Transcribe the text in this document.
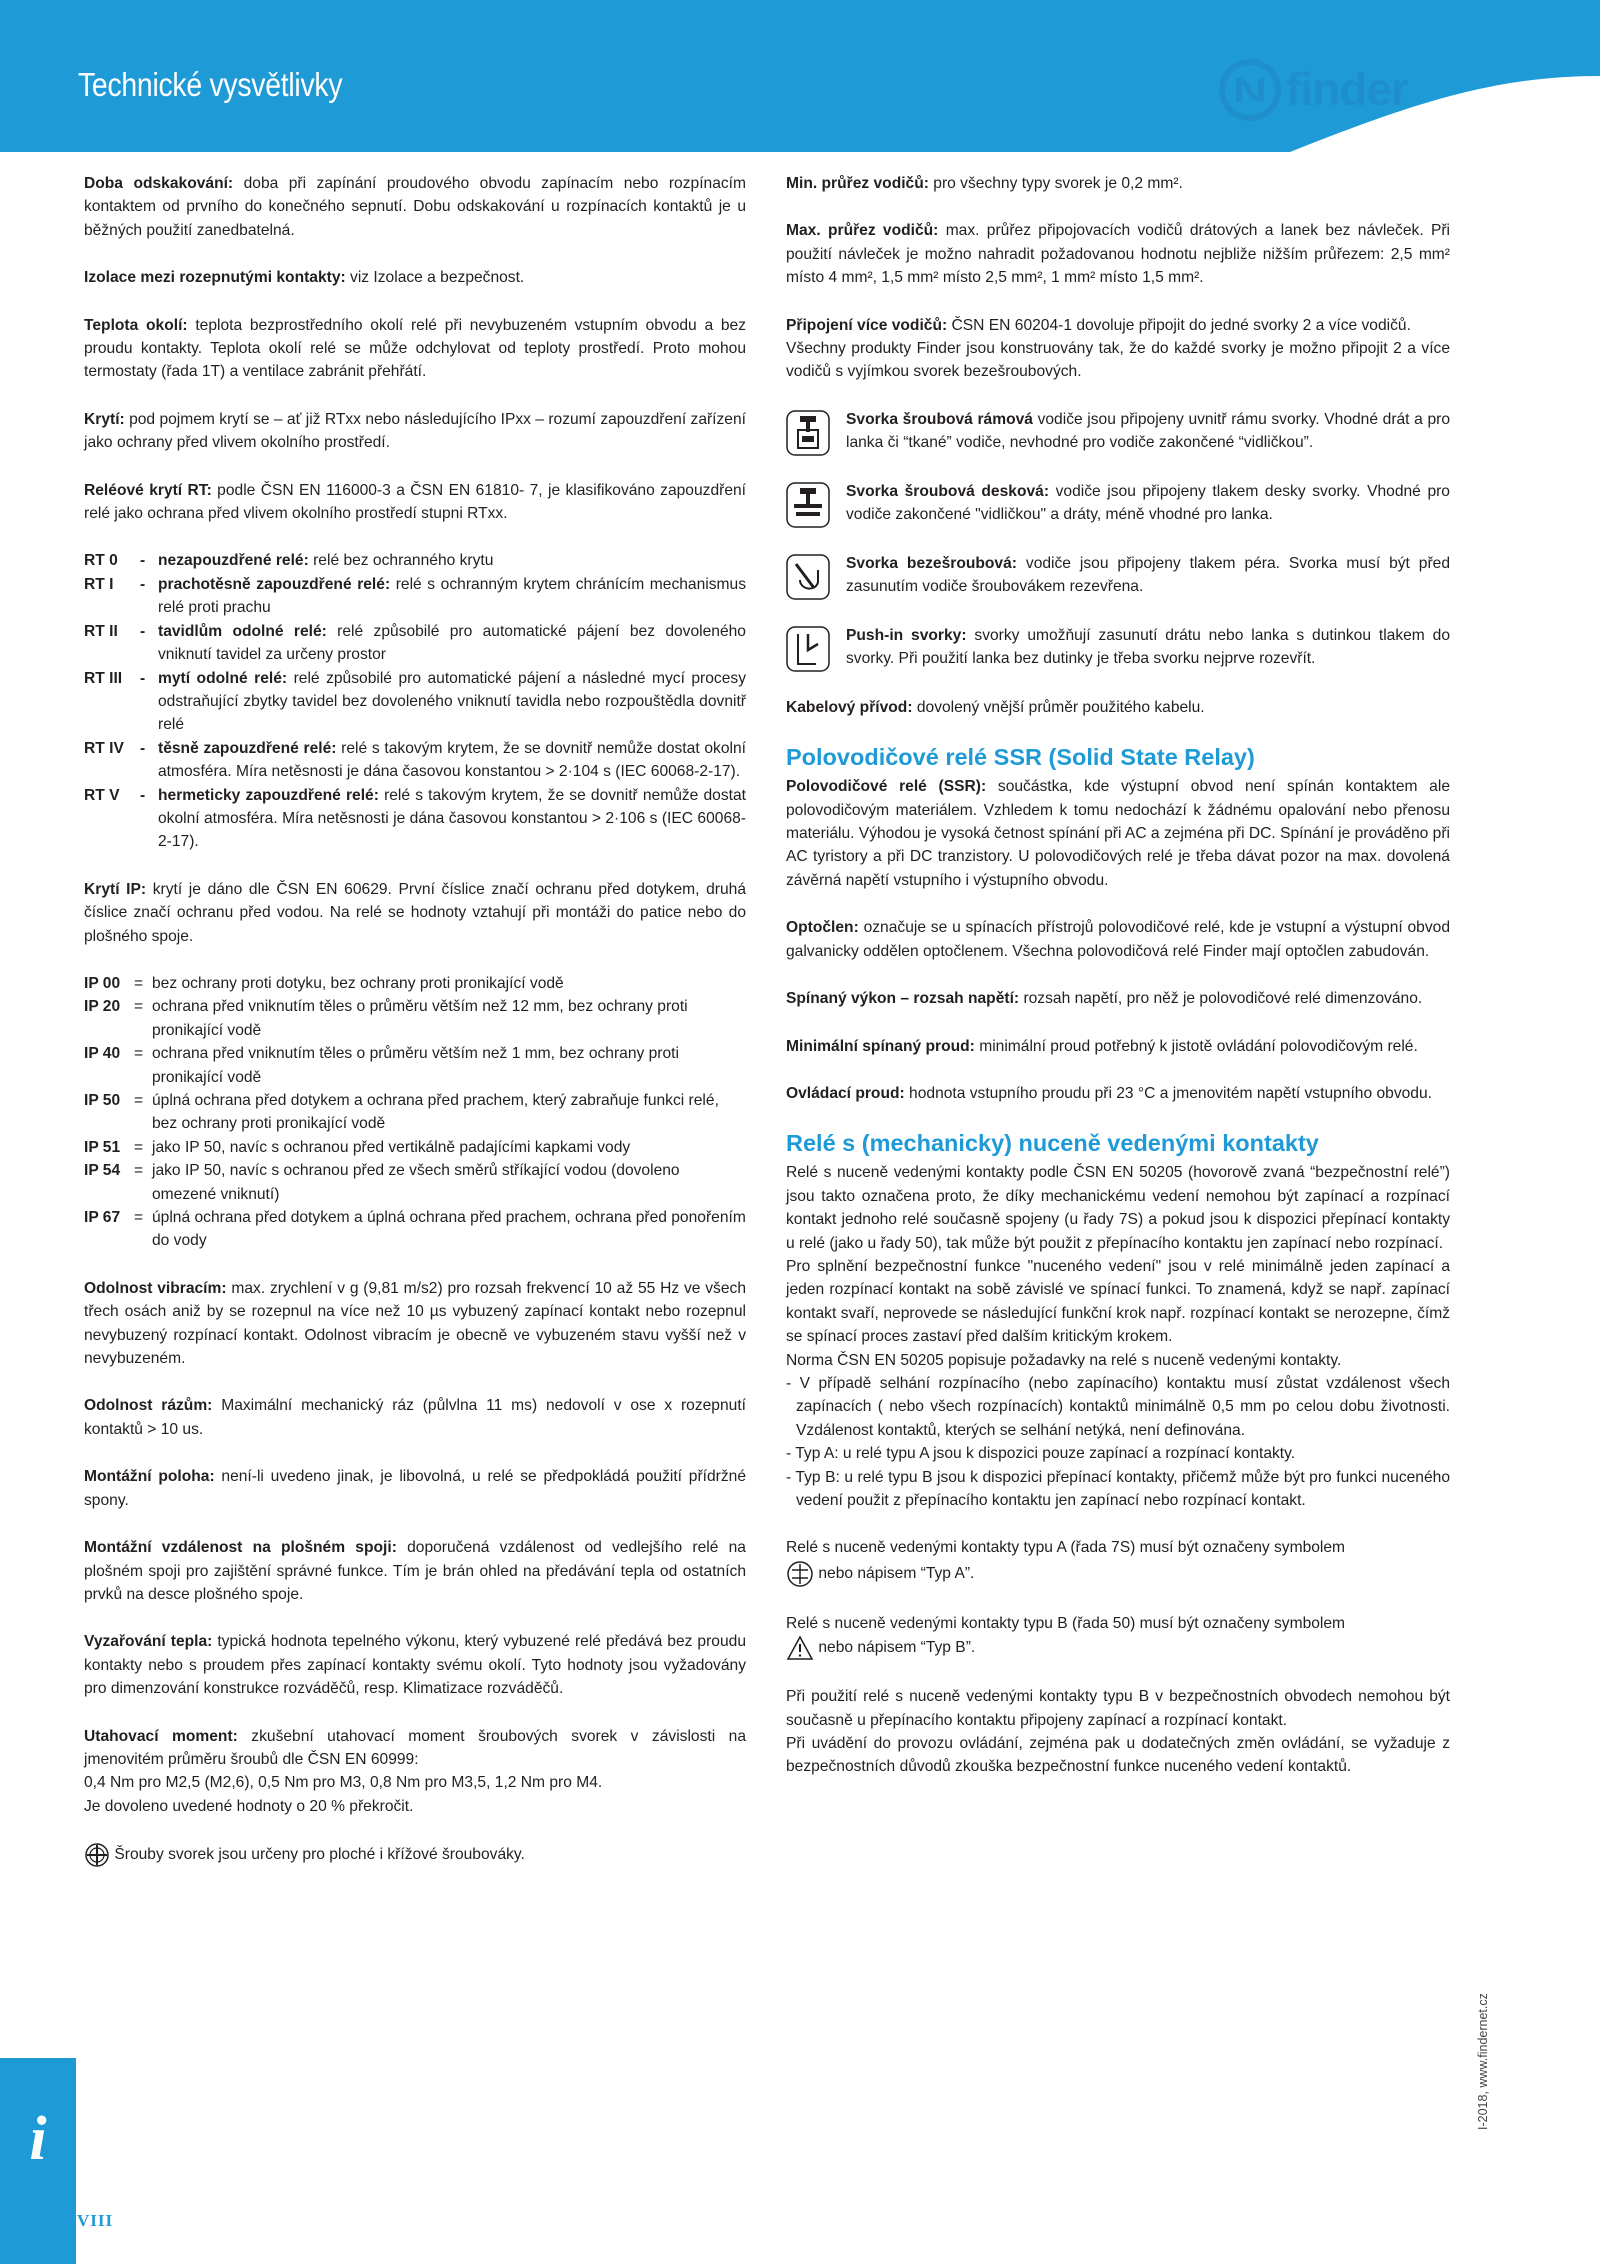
Technické vysvětlivky	finder

Doba odskakování: doba při zapínání proudového obvodu zapínacím nebo rozpínacím kontaktem od prvního do konečného sepnutí. Dobu odskakování u rozpínacích kontaktů je u běžných použití zanedbatelná.

Izolace mezi rozepnutými kontakty: viz Izolace a bezpečnost.

Teplota okolí: teplota bezprostředního okolí relé při nevybuzeném vstupním obvodu a bez proudu kontakty. Teplota okolí relé se může odchylovat od teploty prostředí. Proto mohou termostaty (řada 1T) a ventilace zabránit přehřátí.

Krytí: pod pojmem krytí se – ať již RTxx nebo následujícího IPxx – rozumí zapouzdření zařízení jako ochrany před vlivem okolního prostředí.

Reléové krytí RT: podle ČSN EN 116000-3 a ČSN EN 61810- 7, je klasifikováno zapouzdření relé jako ochrana před vlivem okolního prostředí stupni RTxx.

RT 0	- nezapouzdřené relé: relé bez ochranného krytu
RT I	- prachotěsně zapouzdřené relé: relé s ochranným krytem chránícím mechanismus relé proti prachu
RT II	- tavidlům odolné relé: relé způsobilé pro automatické pájení bez dovoleného vniknutí tavidel za určeny prostor
RT III	- mytí odolné relé: relé způsobilé pro automatické pájení a následné mycí procesy odstraňující zbytky tavidel bez dovoleného vniknutí tavidla nebo rozpouštědla dovnitř relé
RT IV	- těsně zapouzdřené relé: relé s takovým krytem, že se dovnitř nemůže dostat okolní atmosféra. Míra netěsnosti je dána časovou konstantou > 2·104 s (IEC 60068-2-17).
RT V	- hermeticky zapouzdřené relé: relé s takovým krytem, že se dovnitř nemůže dostat okolní atmosféra. Míra netěsnosti je dána časovou konstantou > 2·106 s (IEC 60068-2-17).

Krytí IP: krytí je dáno dle ČSN EN 60629. První číslice značí ochranu před dotykem, druhá číslice značí ochranu před vodou. Na relé se hodnoty vztahují při montáži do patice nebo do plošného spoje.

IP 00 = bez ochrany proti dotyku, bez ochrany proti pronikající vodě
IP 20 = ochrana před vniknutím těles o průměru větším než 12 mm, bez ochrany proti pronikající vodě
IP 40 = ochrana před vniknutím těles o průměru větším než 1 mm, bez ochrany proti pronikající vodě
IP 50 = úplná ochrana před dotykem a ochrana před prachem, který zabraňuje funkci relé, bez ochrany proti pronikající vodě
IP 51 = jako IP 50, navíc s ochranou před vertikálně padajícími kapkami vody
IP 54 = jako IP 50, navíc s ochranou před ze všech směrů stříkající vodou (dovoleno omezené vniknutí)
IP 67 = úplná ochrana před dotykem a úplná ochrana před prachem, ochrana před ponořením do vody

Odolnost vibracím: max. zrychlení v g (9,81 m/s2) pro rozsah frekvencí 10 až 55 Hz ve všech třech osách aniž by se rozepnul na více než 10 µs vybuzený zapínací kontakt nebo rozepnul nevybuzený rozpínací kontakt. Odolnost vibracím je obecně ve vybuzeném stavu vyšší než v nevybuzeném.

Odolnost rázům: Maximální mechanický ráz (půlvlna 11 ms) nedovolí v ose x rozepnutí kontaktů > 10 us.

Montážní poloha: není-li uvedeno jinak, je libovolná, u relé se předpokládá použití přídržné spony.

Montážní vzdálenost na plošném spoji: doporučená vzdálenost od vedlejšího relé na plošném spoji pro zajištění správné funkce. Tím je brán ohled na předávání tepla od ostatních prvků na desce plošného spoje.

Vyzařování tepla: typická hodnota tepelného výkonu, který vybuzené relé předává bez proudu kontakty nebo s proudem přes zapínací kontakty svému okolí. Tyto hodnoty jsou vyžadovány pro dimenzování konstrukce rozváděčů, resp. Klimatizace rozváděčů.

Utahovací moment: zkušební utahovací moment šroubových svorek v závislosti na jmenovitém průměru šroubů dle ČSN EN 60999:
0,4 Nm pro M2,5 (M2,6), 0,5 Nm pro M3, 0,8 Nm pro M3,5, 1,2 Nm pro M4.
Je dovoleno uvedené hodnoty o 20 % překročit.
Šrouby svorek jsou určeny pro ploché i křížové šroubováky.

Min. průřez vodičů: pro všechny typy svorek je 0,2 mm².

Max. průřez vodičů: max. průřez připojovacích vodičů drátových a lanek bez návleček. Při použití návleček je možno nahradit požadovanou hodnotu nejbliže nižším průřezem: 2,5 mm² místo 4 mm², 1,5 mm² místo 2,5 mm², 1 mm² místo 1,5 mm².

Připojení více vodičů: ČSN EN 60204-1 dovoluje připojit do jedné svorky 2 a více vodičů.
Všechny produkty Finder jsou konstruovány tak, že do každé svorky je možno připojit 2 a více vodičů s vyjímkou svorek bezešroubových.
Svorka šroubová rámová vodiče jsou připojeny uvnitř rámu svorky. Vhodné drát a pro lanka či “tkané” vodiče, nevhodné pro vodiče zakončené “vidličkou”.
Svorka šroubová desková: vodiče jsou připojeny tlakem desky svorky. Vhodné pro vodiče zakončené "vidličkou" a dráty, méně vhodné pro lanka.
Svorka bezešroubová: vodiče jsou připojeny tlakem péra. Svorka musí být před zasunutím vodiče šroubovákem rezevřena.
Push-in svorky: svorky umožňují zasunutí drátu nebo lanka s dutinkou tlakem do svorky. Při použití lanka bez dutinky je třeba svorku nejprve rozevřít.

Kabelový přívod: dovolený vnější průměr použitého kabelu.

Polovodičové relé SSR (Solid State Relay)

Polovodičové relé (SSR): součástka, kde výstupní obvod není spínán kontaktem ale polovodičovým materiálem. Vzhledem k tomu nedochází k žádnému opalování nebo přenosu materiálu. Výhodou je vysoká četnost spínání při AC a zejména při DC. Spínání je prováděno při AC tyristory a při DC tranzistory. U polovodičových relé je třeba dávat pozor na max. dovolená závěrná napětí vstupního i výstupního obvodu.

Optočlen: označuje se u spínacích přístrojů polovodičové relé, kde je vstupní a výstupní obvod galvanicky oddělen optočlenem. Všechna polovodičová relé Finder mají optočlen zabudován.

Spínaný výkon – rozsah napětí: rozsah napětí, pro něž je polovodičové relé dimenzováno.

Minimální spínaný proud: minimální proud potřebný k jistotě ovládání polovodičovým relé.

Ovládací proud: hodnota vstupního proudu při 23 °C a jmenovitém napětí vstupního obvodu.

Relé s (mechanicky) nuceně vedenými kontakty
Relé s nuceně vedenými kontakty podle ČSN EN 50205 (hovorově zvaná “bezpečnostní relé”) jsou takto označena proto, že díky mechanickému vedení nemohou být zapínací a rozpínací kontakt jednoho relé současně spojeny (u řady 7S) a pokud jsou k dispozici přepínací kontakty u relé (jako u řady 50), tak může být použit z přepínacího kontaktu jen zapínací nebo rozpínací.
Pro splnění bezpečnostní funkce "nuceného vedení" jsou v relé minimálně jeden zapínací a jeden rozpínací kontakt na sobě závislé ve spínací funkci. To znamená, když se např. zapínací kontakt svaří, neprovede se následující funkční krok např. rozpínací kontakt se nerozepne, čímž se spínací proces zastaví před dalším kritickým krokem.
Norma ČSN EN 50205 popisuje požadavky na relé s nuceně vedenými kontakty.
- V případě selhání rozpínacího (nebo zapínacího) kontaktu musí zůstat vzdálenost všech zapínacích ( nebo všech rozpínacích) kontaktů minimálně 0,5 mm po celou dobu životnosti. Vzdálenost kontaktů, kterých se selhání netýká, není definována.
- Typ A: u relé typu A jsou k dispozici pouze zapínací a rozpínací kontakty.
- Typ B: u relé typu B jsou k dispozici přepínací kontakty, přičemž může být pro funkci nuceného vedení použit z přepínacího kontaktu jen zapínací nebo rozpínací kontakt.
Relé s nuceně vedenými kontakty typu A (řada 7S) musí být označeny symbolem
nebo nápisem “Typ A”.
Relé s nuceně vedenými kontakty typu B (řada 50) musí být označeny symbolem
nebo nápisem “Typ B”.
Při použití relé s nuceně vedenými kontakty typu B v bezpečnostních obvodech nemohou být současně u přepínacího kontaktu připojeny zapínací a rozpínací kontakt.
Při uvádění do provozu ovládání, zejména pak u dodatečných změn ovládání, se vyžaduje z bezpečnostních důvodů zkouška bezpečnostní funkce nuceného vedení kontaktů.
i
VIII
I-2018, www.findernet.cz
